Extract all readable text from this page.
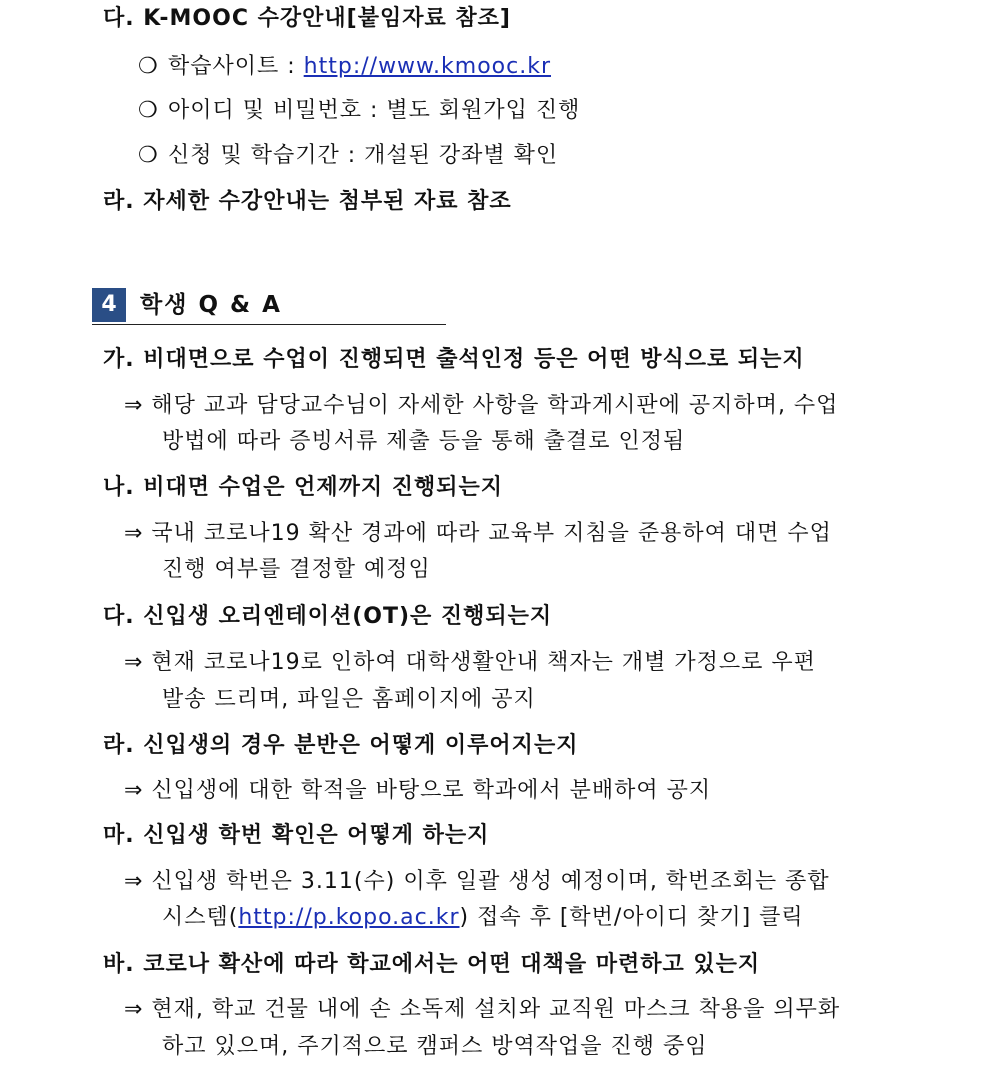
다. K-MOOC 수강안내[붙임자료 참조]
❍ 학습사이트 : http://www.kmooc.kr
❍ 아이디 및 비밀번호 : 별도 회원가입 진행
❍ 신청 및 학습기간 : 개설된 강좌별 확인
라. 자세한 수강안내는 첨부된 자료 참조
4	학생 Q & A
가. 비대면으로 수업이 진행되면 출석인정 등은 어떤 방식으로 되는지
⇒ 해당 교과 담당교수님이 자세한 사항을 학과게시판에 공지하며, 수업
방법에 따라 증빙서류 제출 등을 통해 출결로 인정됨
나. 비대면 수업은 언제까지 진행되는지
⇒ 국내 코로나19 확산 경과에 따라 교육부 지침을 준용하여 대면 수업
진행 여부를 결정할 예정임
다. 신입생 오리엔테이션(OT)은 진행되는지
⇒ 현재 코로나19로 인하여 대학생활안내 책자는 개별 가정으로 우편
발송 드리며, 파일은 홈페이지에 공지
라. 신입생의 경우 분반은 어떻게 이루어지는지
⇒ 신입생에 대한 학적을 바탕으로 학과에서 분배하여 공지
마. 신입생 학번 확인은 어떻게 하는지
⇒ 신입생 학번은 3.11(수) 이후 일괄 생성 예정이며, 학번조회는 종합
시스템(http://p.kopo.ac.kr) 접속 후 [학번/아이디 찾기] 클릭
바. 코로나 확산에 따라 학교에서는 어떤 대책을 마련하고 있는지
⇒ 현재, 학교 건물 내에 손 소독제 설치와 교직원 마스크 착용을 의무화
하고 있으며, 주기적으로 캠퍼스 방역작업을 진행 중임
